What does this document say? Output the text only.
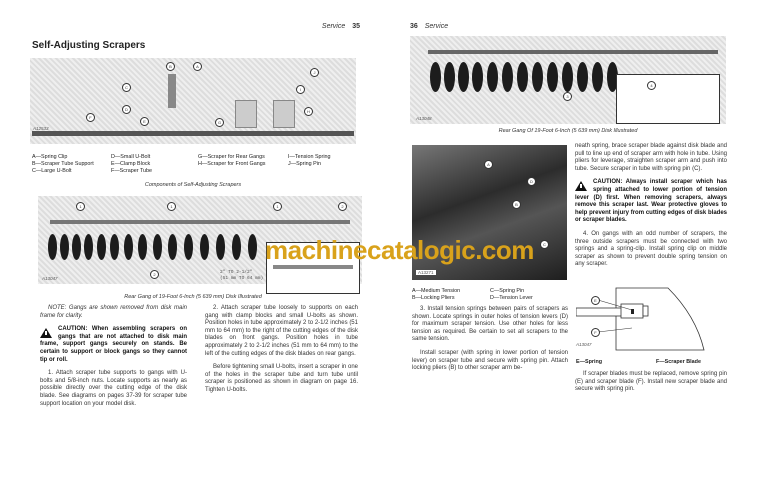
Service 35
Self-Adjusting Scrapers
F
B
C
D
E
A
G
H
I
J
A12533
A—Spring Clip
B—Scraper Tube Support
C—Large U-Bolt
D—Small U-Bolt
E—Clamp Block
F—Scraper Tube
G—Scraper for Rear Gangs
H—Scraper for Front Gangs
I—Tension Spring
J—Spring Pin
Components of Self-Adjusting Scrapers
1	1	1	2
2	2" TO 2-1/2"
(51 mm TO 64 mm)
A13047
Rear Gang of 19-Foot 6-Inch (5 639 mm) Disk Illustrated

NOTE: Gangs are shown removed from disk main frame for clarity.

CAUTION: When assembling scrapers on gangs that are not attached to disk main frame, support gangs securely on stands. Be certain to support or block gangs so they cannot tip or roll.

1. Attach scraper tube supports to gangs with U-bolts and 5/8-inch nuts. Locate supports as nearly as possible directly over the cutting edge of the disk blade. See diagrams on pages 37-39 for scraper tube support location on your model disk.

2. Attach scraper tube loosely to supports on each gang with clamp blocks and small U-bolts as shown. Position holes in tube approximately 2 to 2-1/2 inches (51 mm to 64 mm) to the right of the cutting edges of the disk blades on front gangs. Position holes in tube approximately 2 to 2-1/2 inches (51 mm to 64 mm) to the left of the cutting edges of the disk blades on rear gangs.

Before tightening small U-bolts, insert a scraper in one of the holes in the scraper tube and turn tube until scraper is positioned as shown in diagram on page 16. Tighten U-bolts.

36 Service
3
4
A13048
Rear Gang Of 19-Foot 6-Inch (5 639 mm) Disk Illustrated
A
B
C
D
A13271
A—Medium Tension
B—Locking Pliers
C—Spring Pin
D—Tension Lever

3. Install tension springs between pairs of scrapers as shown. Locate springs in outer holes of tension levers (D) for maximum scraper tension. Use other holes for less tension as required. Be certain to set all scrapers to the same tension.

Install scraper (with spring in lower portion of tension lever) on scraper tube and secure with spring pin. Attach locking pliers (B) to other scraper arm be-

neath spring, brace scraper blade against disk blade and pull to line up end of scraper arm with hole in tube. Using pliers for leverage, straighten scraper arm and push into tube. Secure scraper in tube with spring pin (C).

CAUTION: Always install scraper which has spring attached to lower portion of tension lever (D) first. When removing scrapers, always remove this scraper last. Wear protective gloves to help prevent injury from cutting edges of disk blades or scraper blades.

4. On gangs with an odd number of scrapers, the three outside scrapers must be connected with two springs and a spring-clip. Install spring clip on middle scraper as shown to prevent double spring tension on any scraper.

E
F
A13047
E—Spring	F—Scraper Blade

If scraper blades must be replaced, remove spring pin (E) and scraper blade (F). Install new scraper blade and secure with spring pin.

machinecatalogic.com
